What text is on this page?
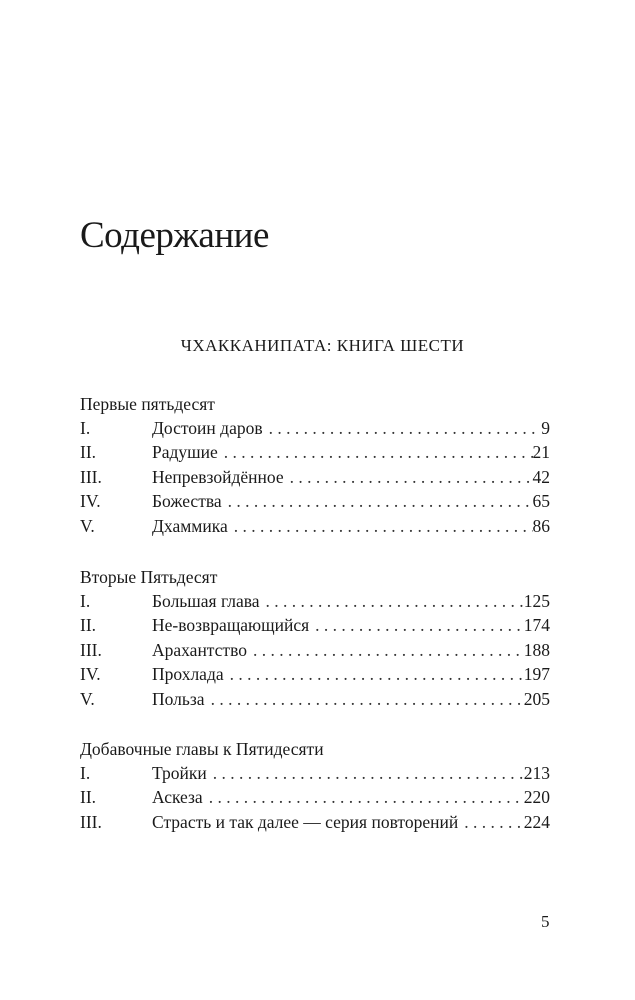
Содержание
ЧХАККАНИПАТА: КНИГА ШЕСТИ
Первые пятьдесят
I.	Достоин даров . . .	9
II.	Радушие . . .	21
III.	Непревзойдённое . . .	42
IV.	Божества . . .	65
V.	Дхаммика . . .	86
Вторые Пятьдесят
I.	Большая глава . . .	125
II.	Не-возвращающийся . . .	174
III.	Арахантство . . .	188
IV.	Прохлада . . .	197
V.	Польза . . .	205
Добавочные главы к Пятидесяти
I.	Тройки . . .	213
II.	Аскеза . . .	220
III.	Страсть и так далее — серия повторений . . .	224
5
